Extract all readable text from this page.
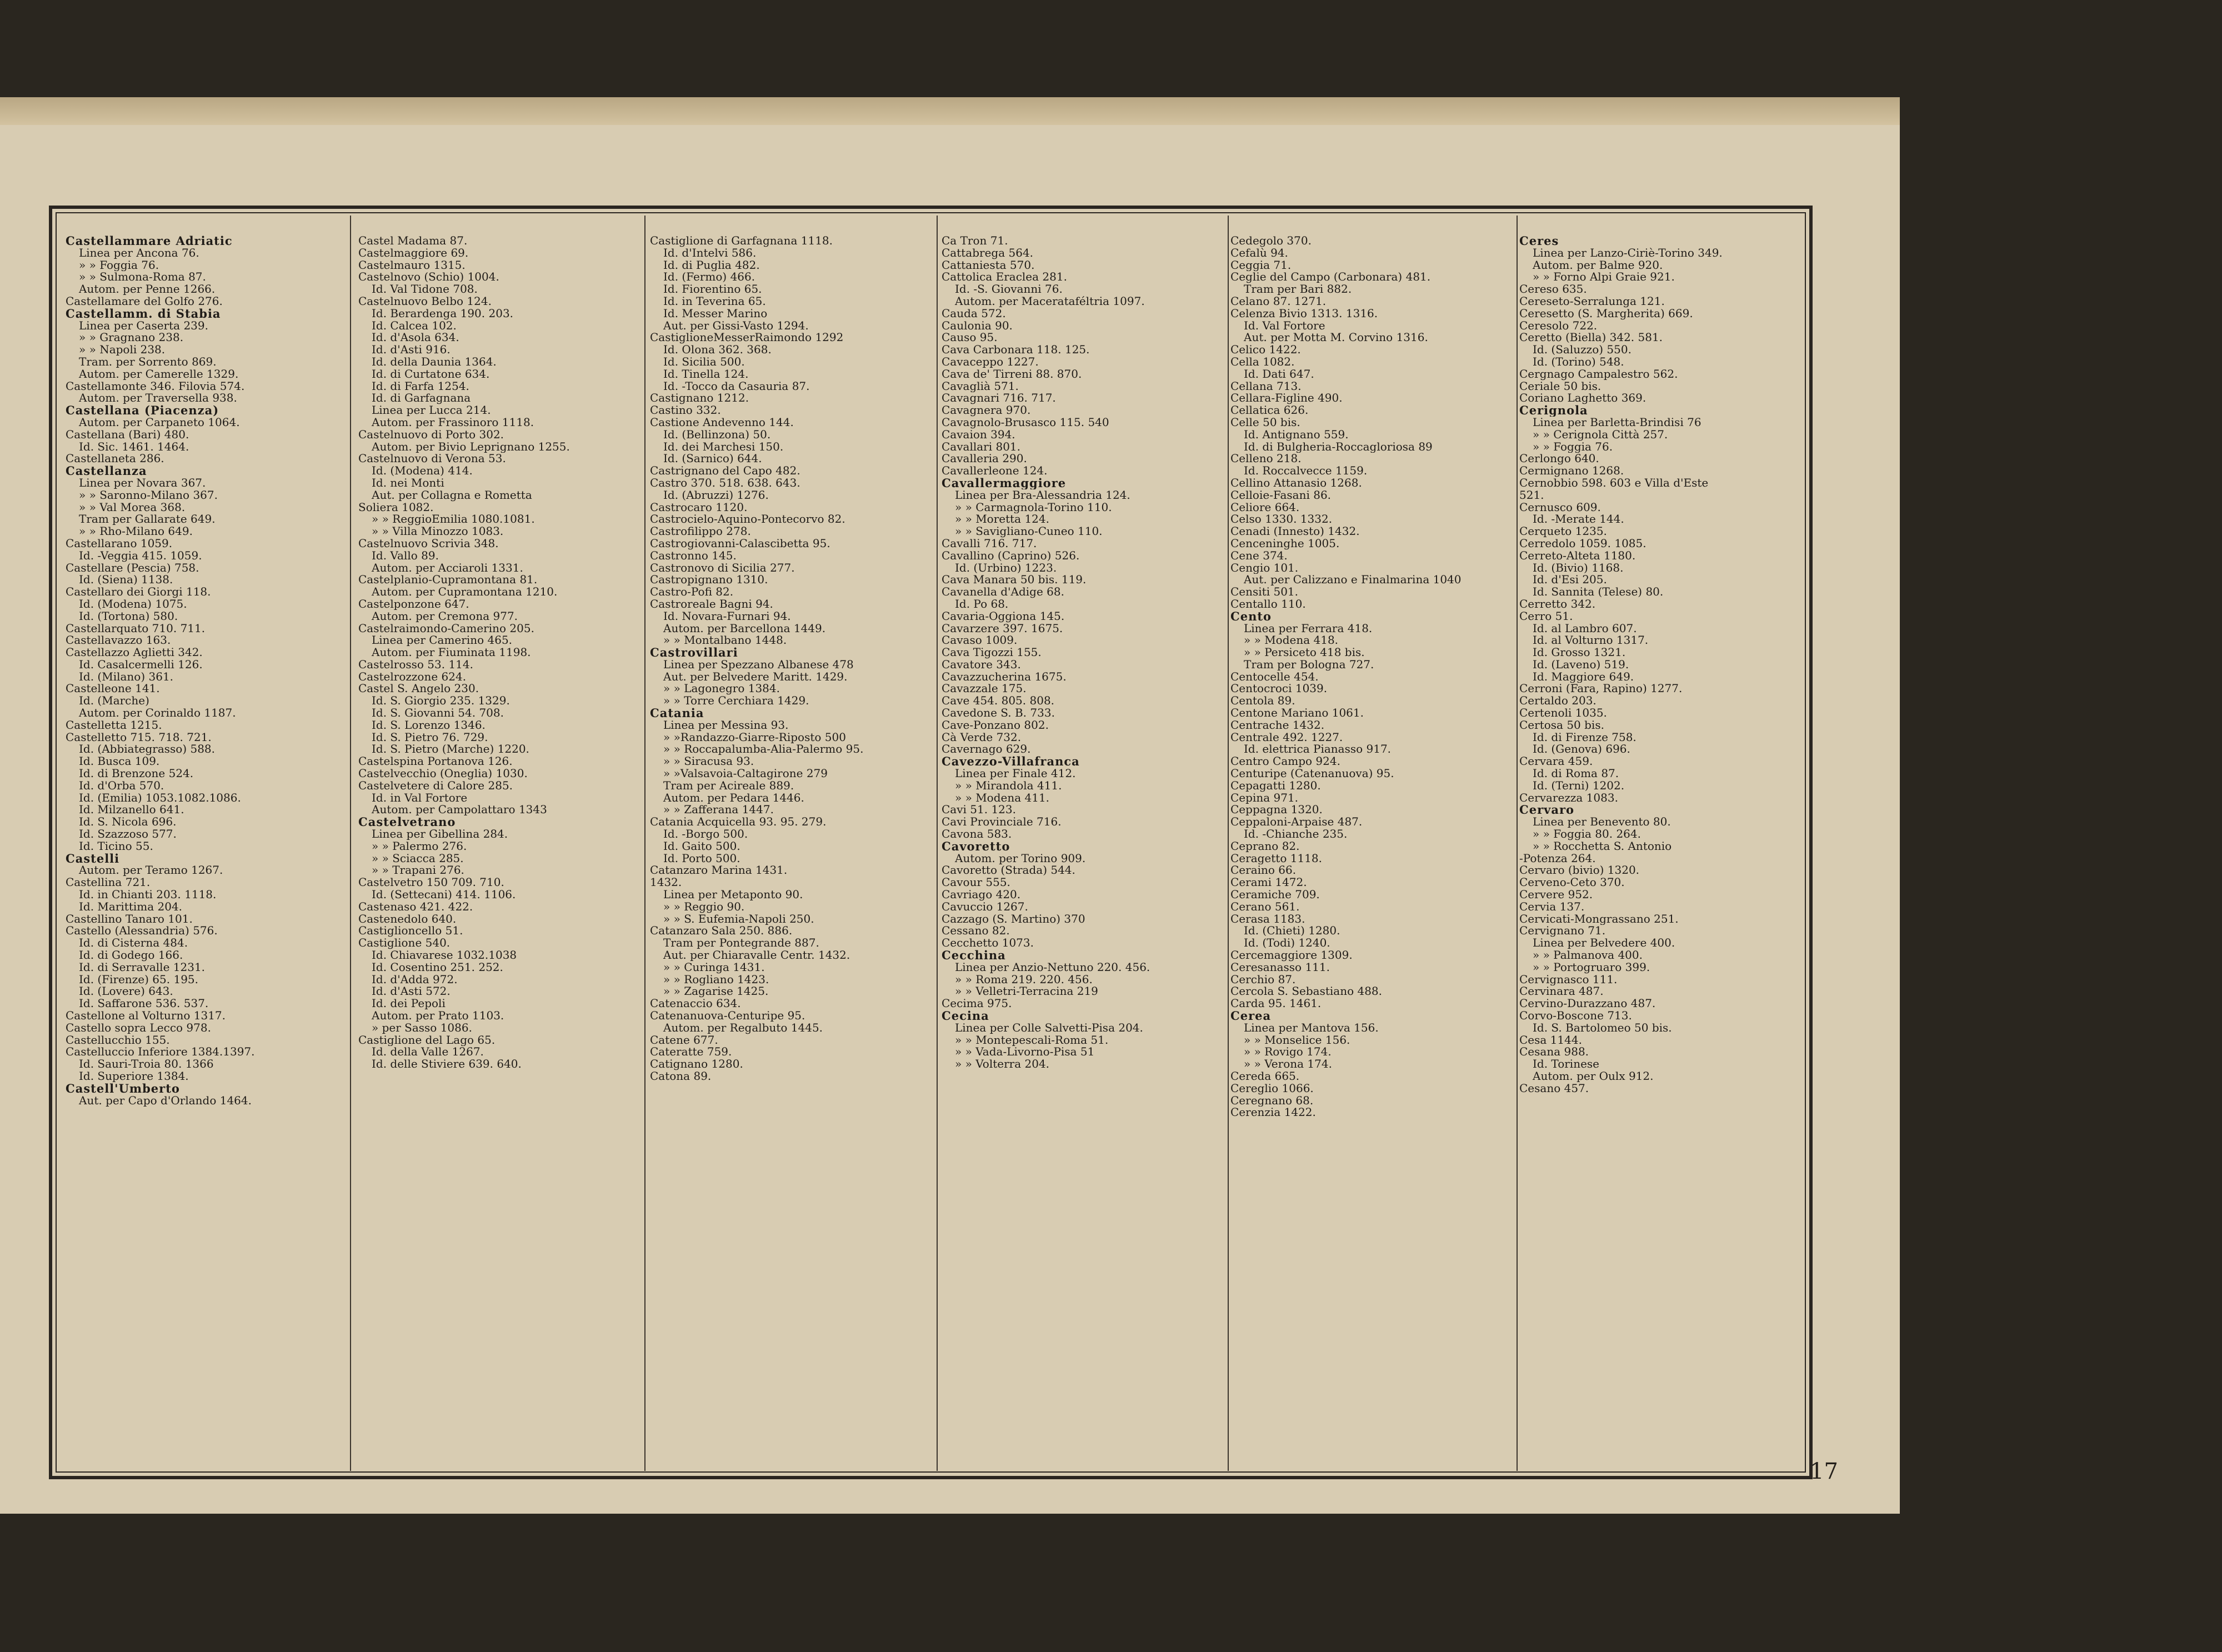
Castellammare Adriatic
Linea per Ancona 76.
» » Foggia 76.
» » Sulmona-Roma 87.
Autom. per Penne 1266.
Castellamare del Golfo 276.
Castellamm. di Stabia
Linea per Caserta 239.
» » Gragnano 238.
» » Napoli 238.
Tram. per Sorrento 869.
Autom. per Camerelle 1329.
Castellamonte 346. Filovia 574.
Autom. per Traversella 938.
Castellana (Piacenza)
Autom. per Carpaneto 1064.
Castellana (Bari) 480.
Id. Sic. 1461. 1464.
Castellaneta 286.
Castellanza
Linea per Novara 367.
» » Saronno-Milano 367.
» » Val Morea 368.
Tram per Gallarate 649.
» » Rho-Milano 649.
Castellarano 1059.
Id. -Veggia 415. 1059.
Castellare (Pescia) 758.
Id. (Siena) 1138.
Castellaro dei Giorgi 118.
Id. (Modena) 1075.
Id. (Tortona) 580.
Castellarquato 710. 711.
Castellavazzo 163.
Castellazzo Aglietti 342.
Id. Casalcermelli 126.
Id. (Milano) 361.
Castelleone 141.
Id. (Marche)
Autom. per Corinaldo 1187.
Castelletta 1215.
Castelletto 715. 718. 721.
Id. (Abbiategrasso) 588.
Id. Busca 109.
Id. di Brenzone 524.
Id. d'Orba 570.
Id. (Emilia) 1053.1082.1086.
Id. Milzanello 641.
Id. S. Nicola 696.
Id. Szazzoso 577.
Id. Ticino 55.
Castelli
Autom. per Teramo 1267.
Castellina 721.
Id. in Chianti 203. 1118.
Id. Marittima 204.
Castellino Tanaro 101.
Castello (Alessandria) 576.
Id. di Cisterna 484.
Id. di Godego 166.
Id. di Serravalle 1231.
Id. (Firenze) 65. 195.
Id. (Lovere) 643.
Id. Saffarone 536. 537.
Castellone al Volturno 1317.
Castello sopra Lecco 978.
Castellucchio 155.
Castelluccio Inferiore 1384.1397.
Id. Sauri-Troia 80. 1366
Id. Superiore 1384.
Castell'Umberto
Aut. per Capo d'Orlando 1464.
Castel Madama 87.
Castelmaggiore 69.
Castelmauro 1315.
Castelnovo (Schio) 1004.
Id. Val Tidone 708.
Castelnuovo Belbo 124.
Id. Berardenga 190. 203.
Id. Calcea 102.
Id. d'Asola 634.
Id. d'Asti 916.
Id. della Daunia 1364.
Id. di Curtatone 634.
Id. di Farfa 1254.
Id. di Garfagnana
Linea per Lucca 214.
Autom. per Frassinoro 1118.
Castelnuovo di Porto 302.
Autom. per Bivio Leprignano 1255.
Castelnuovo di Verona 53.
Id. (Modena) 414.
Id. nei Monti
Aut. per Collagna e Rometta
Soliera 1082.
» » ReggioEmilia 1080.1081.
» » Villa Minozzo 1083.
Castelnuovo Scrivia 348.
Id. Vallo 89.
Autom. per Acciaroli 1331.
Castelplanio-Cupramontana 81.
Autom. per Cupramontana 1210.
Castelponzone 647.
Autom. per Cremona 977.
Castelraimondo-Camerino 205.
Linea per Camerino 465.
Autom. per Fiuminata 1198.
Castelrosso 53. 114.
Castelrozzone 624.
Castel S. Angelo 230.
Id. S. Giorgio 235. 1329.
Id. S. Giovanni 54. 708.
Id. S. Lorenzo 1346.
Id. S. Pietro 76. 729.
Id. S. Pietro (Marche) 1220.
Castelspina Portanova 126.
Castelvecchio (Oneglia) 1030.
Castelvetere di Calore 285.
Id. in Val Fortore
Autom. per Campolattaro 1343
Castelvetrano
Linea per Gibellina 284.
» » Palermo 276.
» » Sciacca 285.
» » Trapani 276.
Castelvetro 150 709. 710.
Id. (Settecani) 414. 1106.
Castenaso 421. 422.
Castenedolo 640.
Castiglioncello 51.
Castiglione 540.
Id. Chiavarese 1032.1038
Id. Cosentino 251. 252.
Id. d'Adda 972.
Id. d'Asti 572.
Id. dei Pepoli
Autom. per Prato 1103.
» per Sasso 1086.
Castiglione del Lago 65.
Id. della Valle 1267.
Id. delle Stiviere 639. 640.
Castiglione di Garfagnana 1118.
Id. d'Intelvi 586.
Id. di Puglia 482.
Id. (Fermo) 466.
Id. Fiorentino 65.
Id. in Teverina 65.
Id. Messer Marino
Aut. per Gissi-Vasto 1294.
CastiglioneMesserRaimondo 1292
Id. Olona 362. 368.
Id. Sicilia 500.
Id. Tinella 124.
Id. -Tocco da Casauria 87.
Castignano 1212.
Castino 332.
Castione Andevenno 144.
Id. (Bellinzona) 50.
Id. dei Marchesi 150.
Id. (Sarnico) 644.
Castrignano del Capo 482.
Castro 370. 518. 638. 643.
Id. (Abruzzi) 1276.
Castrocaro 1120.
Castrocielo-Aquino-Pontecorvo 82.
Castrofilippo 278.
Castrogiovanni-Calascibetta 95.
Castronno 145.
Castronovo di Sicilia 277.
Castropignano 1310.
Castro-Pofi 82.
Castroreale Bagni 94.
Id. Novara-Furnari 94.
Autom. per Barcellona 1449.
» » Montalbano 1448.
Castrovillari
Linea per Spezzano Albanese 478
Aut. per Belvedere Maritt. 1429.
» » Lagonegro 1384.
» » Torre Cerchiara 1429.
Catania
Linea per Messina 93.
» »Randazzo-Giarre-Riposto 500
» » Roccapalumba-Alia-Palermo 95.
» » Siracusa 93.
» »Valsavoia-Caltagirone 279
Tram per Acireale 889.
Autom. per Pedara 1446.
» » Zafferana 1447.
Catania Acquicella 93. 95. 279.
Id. -Borgo 500.
Id. Gaito 500.
Id. Porto 500.
Catanzaro Marina 1431.
1432.
Linea per Metaponto 90.
» » Reggio 90.
» » S. Eufemia-Napoli 250.
Catanzaro Sala 250. 886.
Tram per Pontegrande 887.
Aut. per Chiaravalle Centr. 1432.
» » Curinga 1431.
» » Rogliano 1423.
» » Zagarise 1425.
Catenaccio 634.
Catenanuova-Centuripe 95.
Autom. per Regalbuto 1445.
Catene 677.
Cateratte 759.
Catignano 1280.
Catona 89.
Ca Tron 71.
Cattabrega 564.
Cattaniesta 570.
Cattolica Eraclea 281.
Id. -S. Giovanni 76.
Autom. per Macerataféltria 1097.
Cauda 572.
Caulonia 90.
Causo 95.
Cava Carbonara 118. 125.
Cavaceppo 1227.
Cava de' Tirreni 88. 870.
Cavaglià 571.
Cavagnari 716. 717.
Cavagnera 970.
Cavagnolo-Brusasco 115. 540
Cavaion 394.
Cavallari 801.
Cavalleria 290.
Cavallerleone 124.
Cavallermaggiore
Linea per Bra-Alessandria 124.
» » Carmagnola-Torino 110.
» » Moretta 124.
» » Savigliano-Cuneo 110.
Cavalli 716. 717.
Cavallino (Caprino) 526.
Id. (Urbino) 1223.
Cava Manara 50 bis. 119.
Cavanella d'Adige 68.
Id. Po 68.
Cavaria-Oggiona 145.
Cavarzere 397. 1675.
Cavaso 1009.
Cava Tigozzi 155.
Cavatore 343.
Cavazzucherina 1675.
Cavazzale 175.
Cave 454. 805. 808.
Cavedone S. B. 733.
Cave-Ponzano 802.
Cà Verde 732.
Cavernago 629.
Cavezzo-Villafranca
Linea per Finale 412.
» » Mirandola 411.
» » Modena 411.
Cavi 51. 123.
Cavi Provinciale 716.
Cavona 583.
Cavoretto
Autom. per Torino 909.
Cavoretto (Strada) 544.
Cavour 555.
Cavriago 420.
Cavuccio 1267.
Cazzago (S. Martino) 370
Cessano 82.
Cecchetto 1073.
Cecchina
Linea per Anzio-Nettuno 220. 456.
» » Roma 219. 220. 456.
» » Velletri-Terracina 219
Cecima 975.
Cecina
Linea per Colle Salvetti-Pisa 204.
» » Montepescali-Roma 51.
» » Vada-Livorno-Pisa 51
» » Volterra 204.
Cedegolo 370.
Cefalù 94.
Ceggia 71.
Ceglie del Campo (Carbonara) 481.
Tram per Bari 882.
Celano 87. 1271.
Celenza Bivio 1313. 1316.
Id. Val Fortore
Aut. per Motta M. Corvino 1316.
Celico 1422.
Cella 1082.
Id. Dati 647.
Cellana 713.
Cellara-Figline 490.
Cellatica 626.
Celle 50 bis.
Id. Antignano 559.
Id. di Bulgheria-Roccagloriosa 89
Celleno 218.
Id. Roccalvecce 1159.
Cellino Attanasio 1268.
Celloie-Fasani 86.
Celiore 664.
Celso 1330. 1332.
Cenadi (Innesto) 1432.
Cenceninghe 1005.
Cene 374.
Cengio 101.
Aut. per Calizzano e Finalmarina 1040
Censiti 501.
Centallo 110.
Cento
Linea per Ferrara 418.
» » Modena 418.
» » Persiceto 418 bis.
Tram per Bologna 727.
Centocelle 454.
Centocroci 1039.
Centola 89.
Centone Mariano 1061.
Centrache 1432.
Centrale 492. 1227.
Id. elettrica Pianasso 917.
Centro Campo 924.
Centuripe (Catenanuova) 95.
Cepagatti 1280.
Cepina 971.
Ceppagna 1320.
Ceppaloni-Arpaise 487.
Id. -Chianche 235.
Ceprano 82.
Ceragetto 1118.
Ceraino 66.
Cerami 1472.
Ceramiche 709.
Cerano 561.
Cerasa 1183.
Id. (Chieti) 1280.
Id. (Todi) 1240.
Cercemaggiore 1309.
Ceresanasso 111.
Cerchio 87.
Cercola S. Sebastiano 488.
Carda 95. 1461.
Cerea
Linea per Mantova 156.
» » Monselice 156.
» » Rovigo 174.
» » Verona 174.
Cereda 665.
Cereglio 1066.
Ceregnano 68.
Cerenzia 1422.
Ceres
Linea per Lanzo-Ciriè-Torino 349.
Autom. per Balme 920.
» » Forno Alpi Graie 921.
Cereso 635.
Cereseto-Serralunga 121.
Ceresetto (S. Margherita) 669.
Ceresolo 722.
Ceretto (Biella) 342. 581.
Id. (Saluzzo) 550.
Id. (Torino) 548.
Cergnago Campalestro 562.
Ceriale 50 bis.
Coriano Laghetto 369.
Cerignola
Linea per Barletta-Brindisi 76
» » Cerignola Città 257.
» » Foggia 76.
Cerlongo 640.
Cermignano 1268.
Cernobbio 598. 603 e Villa d'Este
521.
Cernusco 609.
Id. -Merate 144.
Cerqueto 1235.
Cerredolo 1059. 1085.
Cerreto-Alteta 1180.
Id. (Bivio) 1168.
Id. d'Esi 205.
Id. Sannita (Telese) 80.
Cerretto 342.
Cerro 51.
Id. al Lambro 607.
Id. al Volturno 1317.
Id. Grosso 1321.
Id. (Laveno) 519.
Id. Maggiore 649.
Cerroni (Fara, Rapino) 1277.
Certaldo 203.
Certenoli 1035.
Certosa 50 bis.
Id. di Firenze 758.
Id. (Genova) 696.
Cervara 459.
Id. di Roma 87.
Id. (Terni) 1202.
Cervarezza 1083.
Cervaro
Linea per Benevento 80.
» » Foggia 80. 264.
» » Rocchetta S. Antonio
-Potenza 264.
Cervaro (bivio) 1320.
Cerveno-Ceto 370.
Cervere 952.
Cervia 137.
Cervicati-Mongrassano 251.
Cervignano 71.
Linea per Belvedere 400.
» » Palmanova 400.
» » Portogruaro 399.
Cervignasco 111.
Cervinara 487.
Cervino-Durazzano 487.
Corvo-Boscone 713.
Id. S. Bartolomeo 50 bis.
Cesa 1144.
Cesana 988.
Id. Torinese
Autom. per Oulx 912.
Cesano 457.
17
